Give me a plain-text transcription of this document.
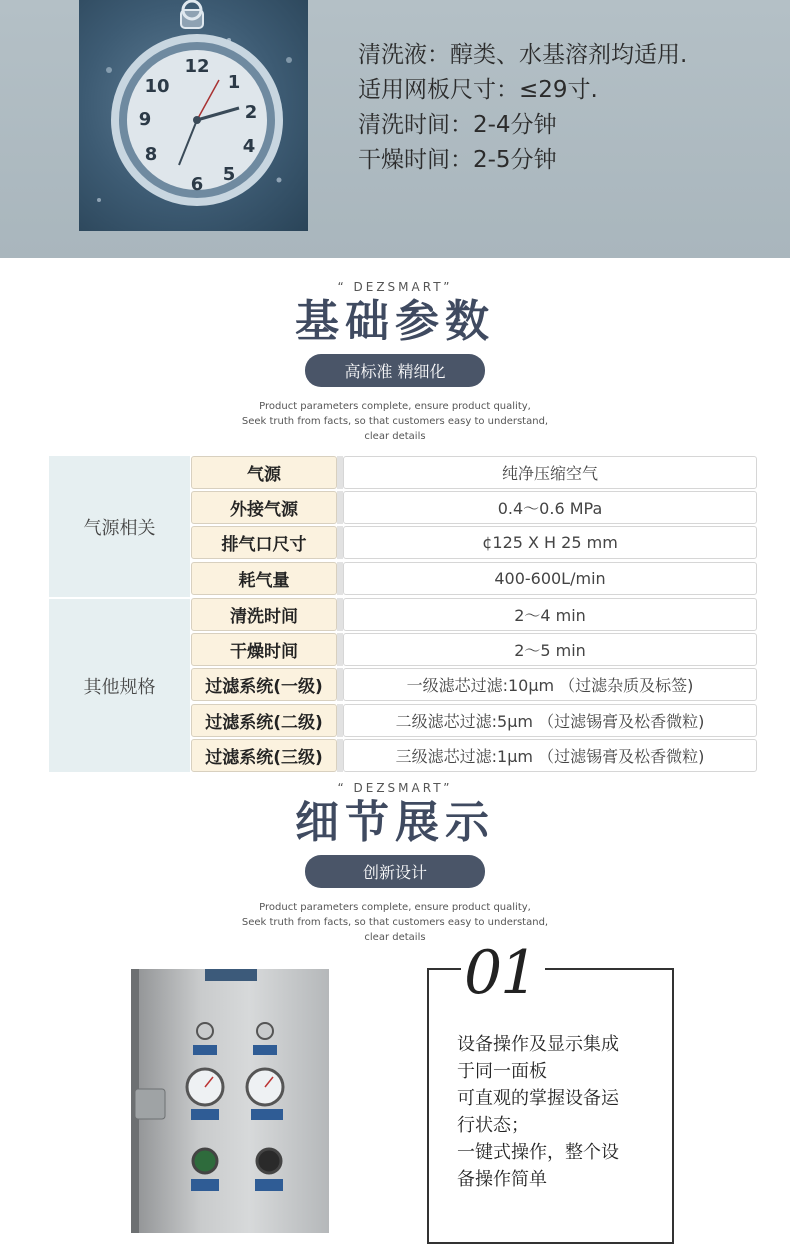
12
1
2
4
5
6
8
9
10
清洗液：醇类、水基溶剂均适用.
适用网板尺寸：≤29寸.
清洗时间：2-4分钟
干燥时间：2-5分钟
“ DEZSMART”
基础参数
高标准 精细化
Product parameters complete, ensure product quality,
Seek truth from facts, so that customers easy to understand,
clear details
气源相关
其他规格
气源	纯净压缩空气
外接气源	0.4～0.6 MPa
排气口尺寸	¢125 X H 25 mm
耗气量	400-600L/min
清洗时间	2～4 min
干燥时间	2～5 min
过滤系统(一级)	一级滤芯过滤:10μm （过滤杂质及标签)
过滤系统(二级)	二级滤芯过滤:5μm （过滤锡膏及松香微粒)
过滤系统(三级)	三级滤芯过滤:1μm （过滤锡膏及松香微粒)
“ DEZSMART”
细节展示
创新设计
Product parameters complete, ensure product quality,
Seek truth from facts, so that customers easy to understand,
clear details
01
设备操作及显示集成
于同一面板
可直观的掌握设备运
行状态；
一键式操作，整个设
备操作简单
